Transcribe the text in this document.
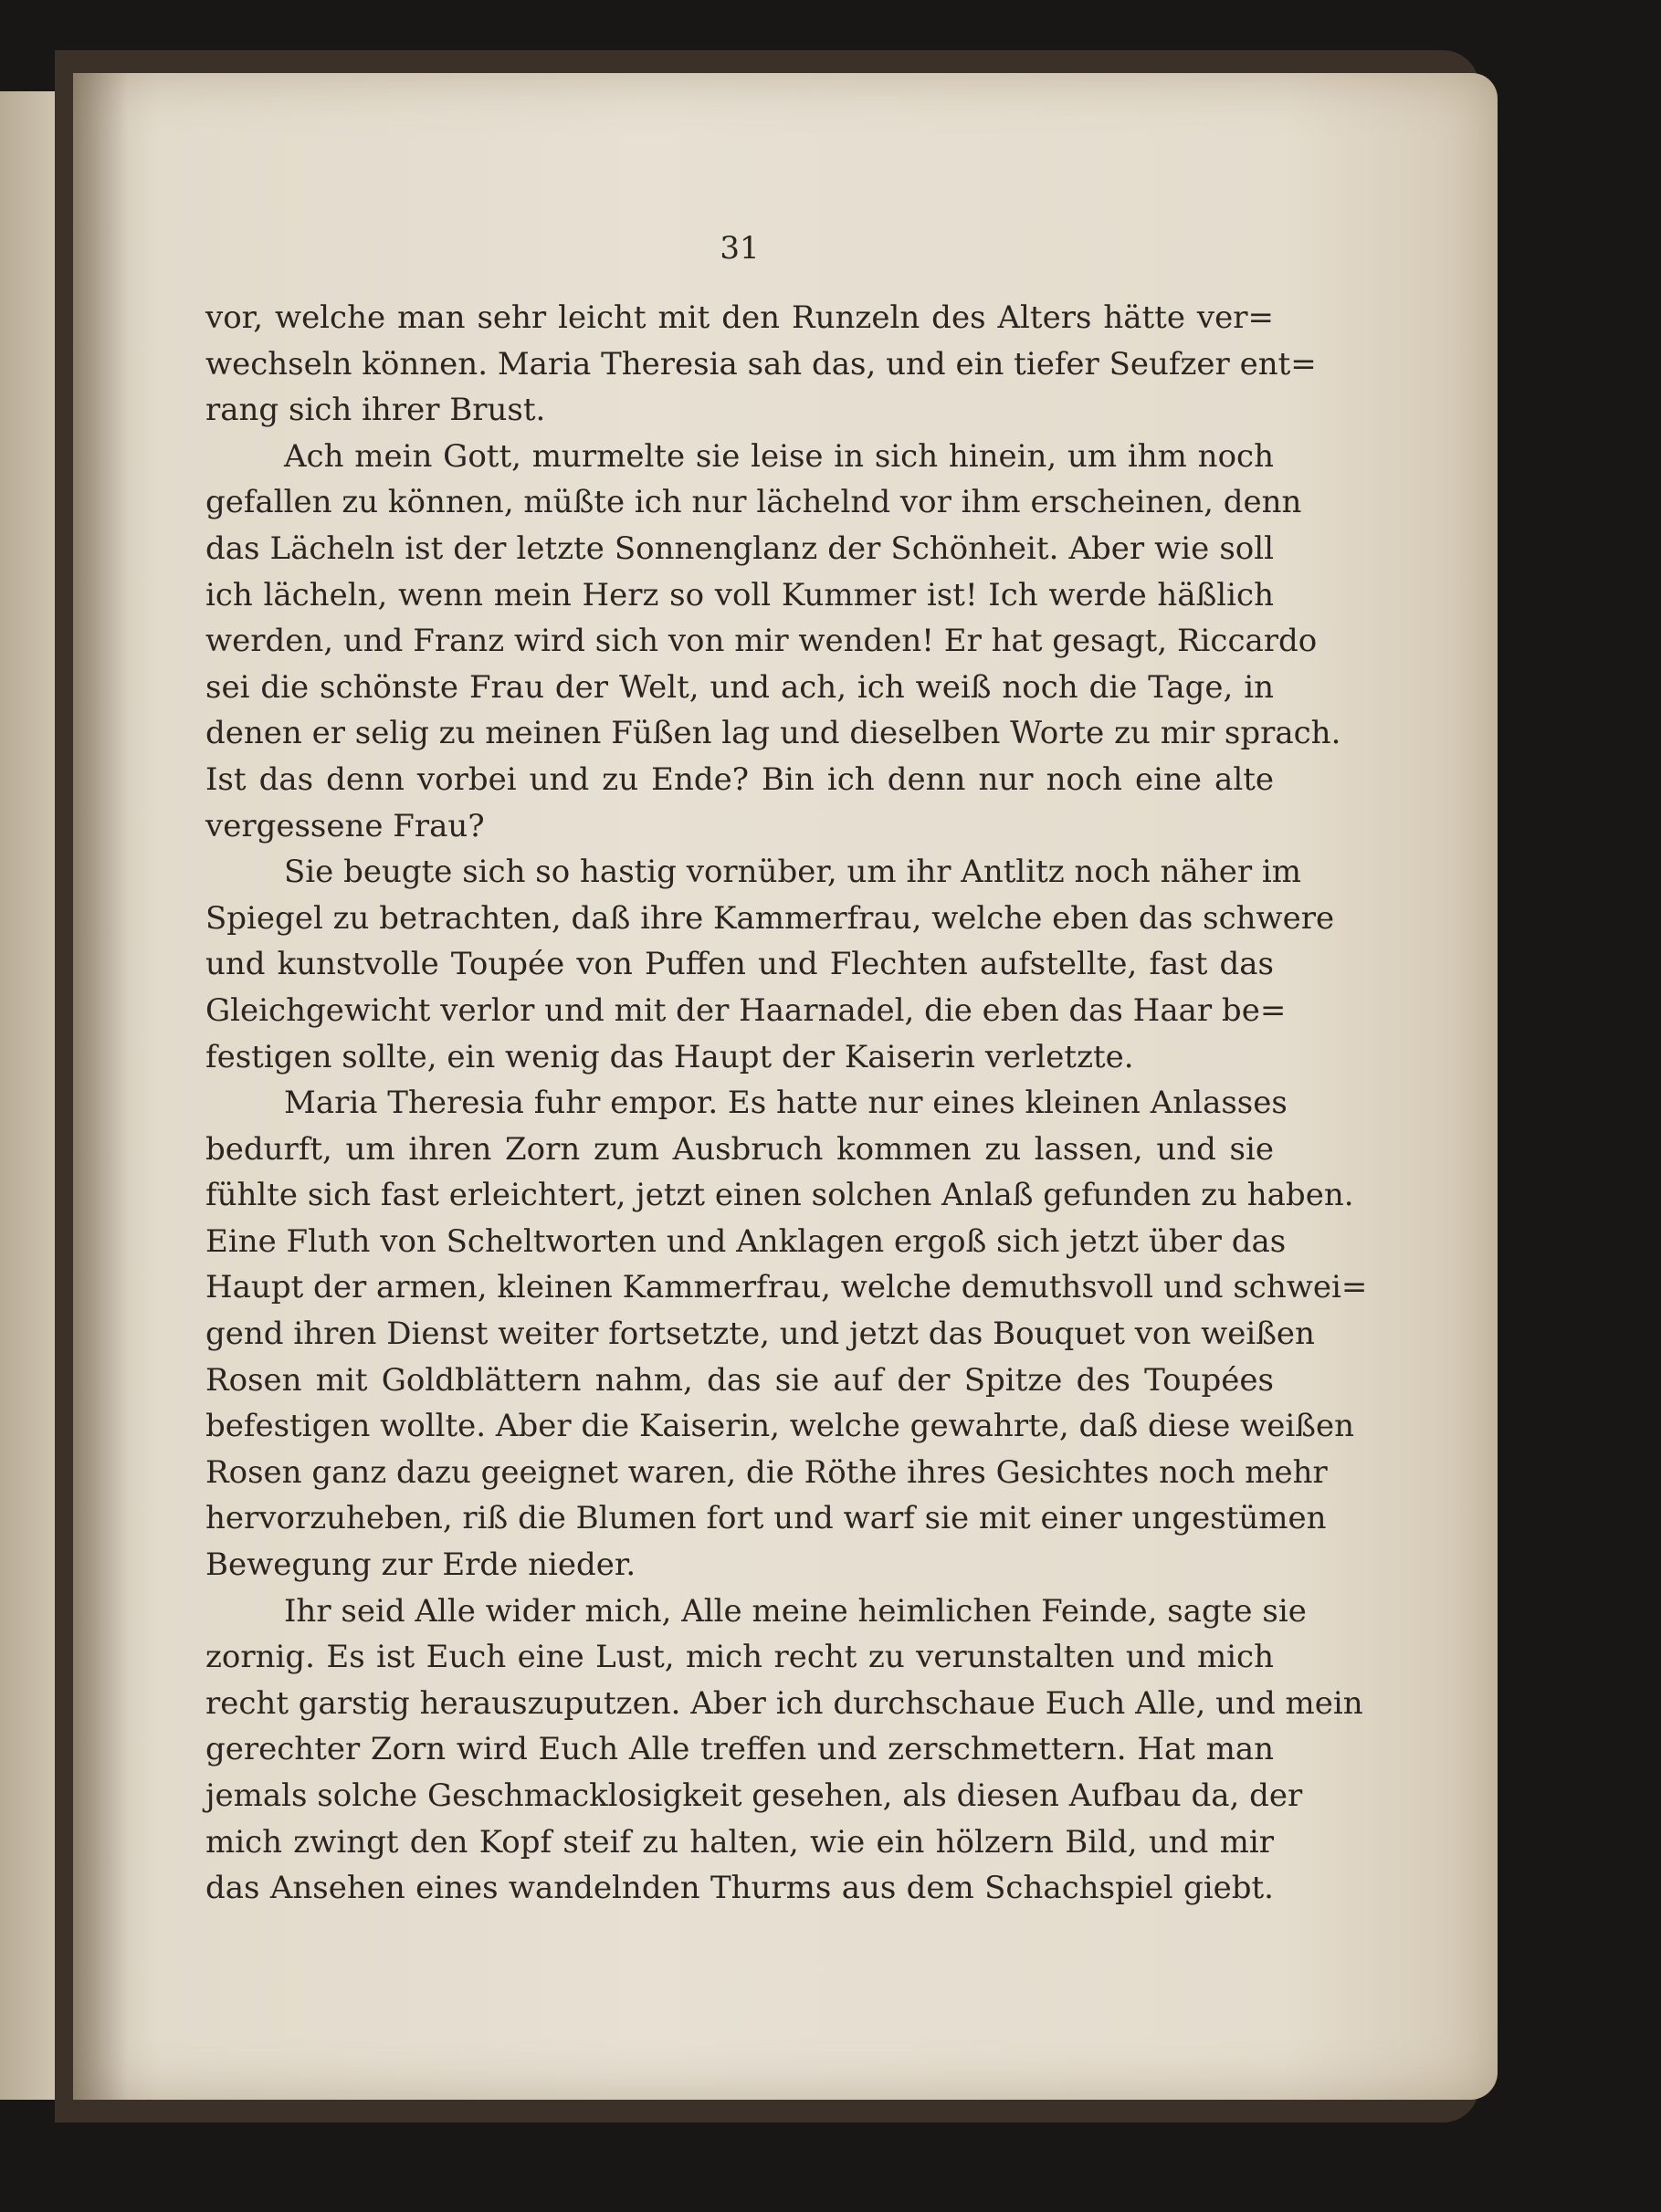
31

vor, welche man sehr leicht mit den Runzeln des Alters hätte ver=
wechseln können. Maria Theresia sah das, und ein tiefer Seufzer ent=
rang sich ihrer Brust.
Ach mein Gott, murmelte sie leise in sich hinein, um ihm noch
gefallen zu können, müßte ich nur lächelnd vor ihm erscheinen, denn
das Lächeln ist der letzte Sonnenglanz der Schönheit. Aber wie soll
ich lächeln, wenn mein Herz so voll Kummer ist! Ich werde häßlich
werden, und Franz wird sich von mir wenden! Er hat gesagt, Riccardo
sei die schönste Frau der Welt, und ach, ich weiß noch die Tage, in
denen er selig zu meinen Füßen lag und dieselben Worte zu mir sprach.
Ist das denn vorbei und zu Ende? Bin ich denn nur noch eine alte
vergessene Frau?
Sie beugte sich so hastig vornüber, um ihr Antlitz noch näher im
Spiegel zu betrachten, daß ihre Kammerfrau, welche eben das schwere
und kunstvolle Toupée von Puffen und Flechten aufstellte, fast das
Gleichgewicht verlor und mit der Haarnadel, die eben das Haar be=
festigen sollte, ein wenig das Haupt der Kaiserin verletzte.
Maria Theresia fuhr empor. Es hatte nur eines kleinen Anlasses
bedurft, um ihren Zorn zum Ausbruch kommen zu lassen, und sie
fühlte sich fast erleichtert, jetzt einen solchen Anlaß gefunden zu haben.
Eine Fluth von Scheltworten und Anklagen ergoß sich jetzt über das
Haupt der armen, kleinen Kammerfrau, welche demuthsvoll und schwei=
gend ihren Dienst weiter fortsetzte, und jetzt das Bouquet von weißen
Rosen mit Goldblättern nahm, das sie auf der Spitze des Toupées
befestigen wollte. Aber die Kaiserin, welche gewahrte, daß diese weißen
Rosen ganz dazu geeignet waren, die Röthe ihres Gesichtes noch mehr
hervorzuheben, riß die Blumen fort und warf sie mit einer ungestümen
Bewegung zur Erde nieder.
Ihr seid Alle wider mich, Alle meine heimlichen Feinde, sagte sie
zornig. Es ist Euch eine Lust, mich recht zu verunstalten und mich
recht garstig herauszuputzen. Aber ich durchschaue Euch Alle, und mein
gerechter Zorn wird Euch Alle treffen und zerschmettern. Hat man
jemals solche Geschmacklosigkeit gesehen, als diesen Aufbau da, der
mich zwingt den Kopf steif zu halten, wie ein hölzern Bild, und mir
das Ansehen eines wandelnden Thurms aus dem Schachspiel giebt.
